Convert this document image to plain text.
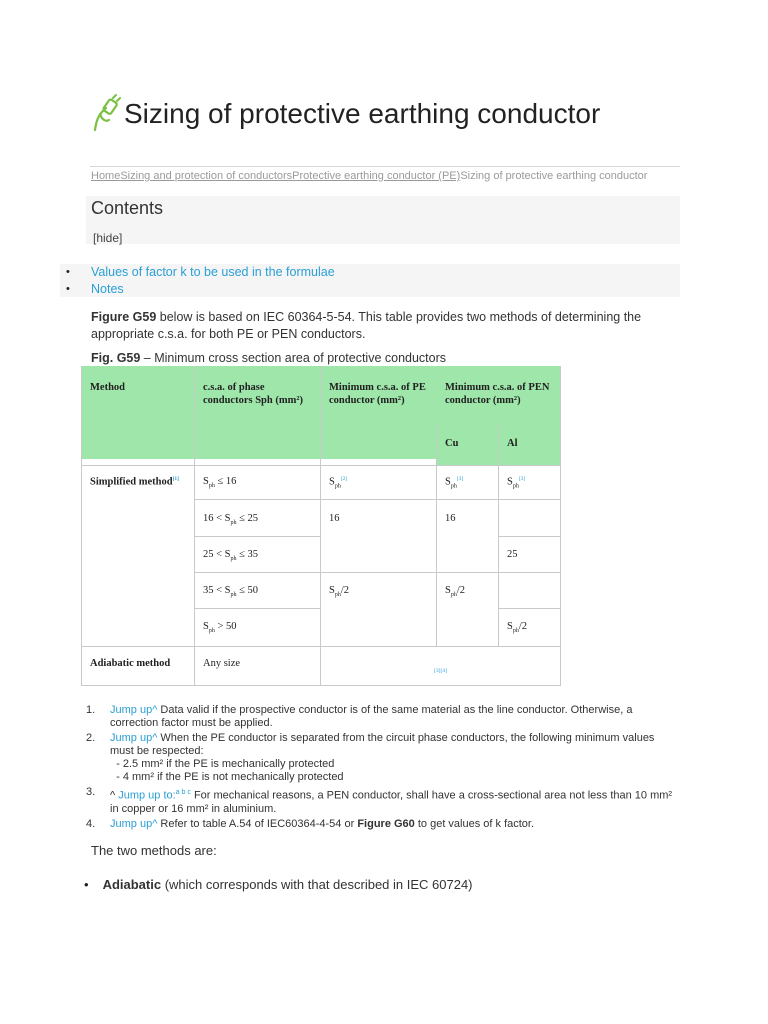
Sizing of protective earthing conductor
HomeSizing and protection of conductorsProtective earthing conductor (PE)Sizing of protective earthing conductor
Contents
[hide]
• Values of factor k to be used in the formulae
• Notes
Figure G59 below is based on IEC 60364-5-54. This table provides two methods of determining the appropriate c.s.a. for both PE or PEN conductors.
Fig. G59 – Minimum cross section area of protective conductors
Method	c.s.a. of phase conductors Sph (mm²)
Minimum c.s.a. of PE conductor (mm²)
Minimum c.s.a. of PEN conductor (mm²)
Cu	Al
Simplified method[1]
Adiabatic method
$S_{ph} \le 16$
$16 < S_{ph} \le 25$
$25 < S_{ph} \le 35$
$35 < S_{ph} \le 50$
$S_{ph} > 50$
Any size
$S_{ph}[2]$
16
$S_{ph}/2$
[3][4]
$S_{ph}[3]$
16
$S_{ph}/2$
$S_{ph}[3]$
25
$S_{ph}/2$
1. Jump up^ Data valid if the prospective conductor is of the same material as the line conductor. Otherwise, a correction factor must be applied.
2. Jump up^ When the PE conductor is separated from the circuit phase conductors, the following minimum values must be respected:
- 2.5 mm² if the PE is mechanically protected
- 4 mm² if the PE is not mechanically protected
3. ^ Jump up to:$^{a b c}$ For mechanical reasons, a PEN conductor, shall have a cross-sectional area not less than 10 mm² in copper or 16 mm² in aluminium.
4. Jump up^ Refer to table A.54 of IEC60364-4-54 or Figure G60 to get values of k factor.
The two methods are:
• Adiabatic (which corresponds with that described in IEC 60724)
